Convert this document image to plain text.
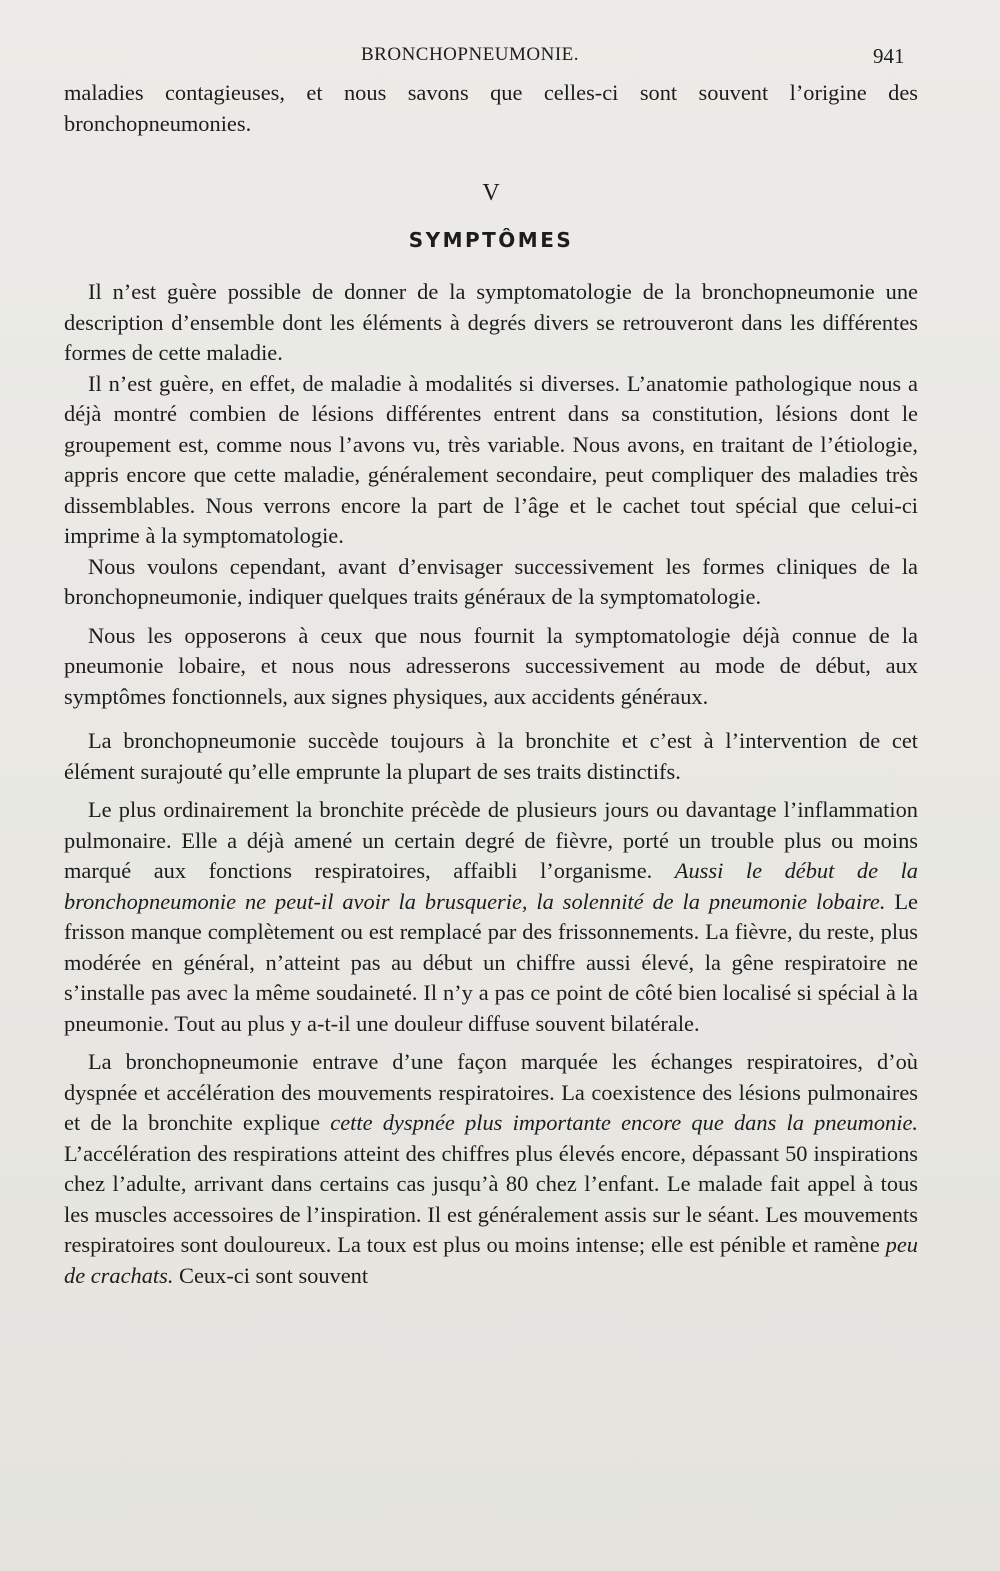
BRONCHOPNEUMONIE.	941

maladies contagieuses, et nous savons que celles-ci sont souvent l’origine des bronchopneumonies.

V
SYMPTÔMES

Il n’est guère possible de donner de la symptomatologie de la bronchopneumonie une description d’ensemble dont les éléments à degrés divers se retrouveront dans les différentes formes de cette maladie.

Il n’est guère, en effet, de maladie à modalités si diverses. L’anatomie pathologique nous a déjà montré combien de lésions différentes entrent dans sa constitution, lésions dont le groupement est, comme nous l’avons vu, très variable. Nous avons, en traitant de l’étiologie, appris encore que cette maladie, généralement secondaire, peut compliquer des maladies très dissemblables. Nous verrons encore la part de l’âge et le cachet tout spécial que celui-ci imprime à la symptomatologie.

Nous voulons cependant, avant d’envisager successivement les formes cliniques de la bronchopneumonie, indiquer quelques traits généraux de la symptomatologie.

Nous les opposerons à ceux que nous fournit la symptomatologie déjà connue de la pneumonie lobaire, et nous nous adresserons successivement au mode de début, aux symptômes fonctionnels, aux signes physiques, aux accidents généraux.

La bronchopneumonie succède toujours à la bronchite et c’est à l’intervention de cet élément surajouté qu’elle emprunte la plupart de ses traits distinctifs.

Le plus ordinairement la bronchite précède de plusieurs jours ou davantage l’inflammation pulmonaire. Elle a déjà amené un certain degré de fièvre, porté un trouble plus ou moins marqué aux fonctions respiratoires, affaibli l’organisme. Aussi le début de la bronchopneumonie ne peut-il avoir la brusquerie, la solennité de la pneumonie lobaire. Le frisson manque complètement ou est remplacé par des frissonnements. La fièvre, du reste, plus modérée en général, n’atteint pas au début un chiffre aussi élevé, la gêne respiratoire ne s’installe pas avec la même soudaineté. Il n’y a pas ce point de côté bien localisé si spécial à la pneumonie. Tout au plus y a-t-il une douleur diffuse souvent bilatérale.

La bronchopneumonie entrave d’une façon marquée les échanges respiratoires, d’où dyspnée et accélération des mouvements respiratoires. La coexistence des lésions pulmonaires et de la bronchite explique cette dyspnée plus importante encore que dans la pneumonie. L’accélération des respirations atteint des chiffres plus élevés encore, dépassant 50 inspirations chez l’adulte, arrivant dans certains cas jusqu’à 80 chez l’enfant. Le malade fait appel à tous les muscles accessoires de l’inspiration. Il est généralement assis sur le séant. Les mouvements respiratoires sont douloureux. La toux est plus ou moins intense; elle est pénible et ramène peu de crachats. Ceux-ci sont souvent
